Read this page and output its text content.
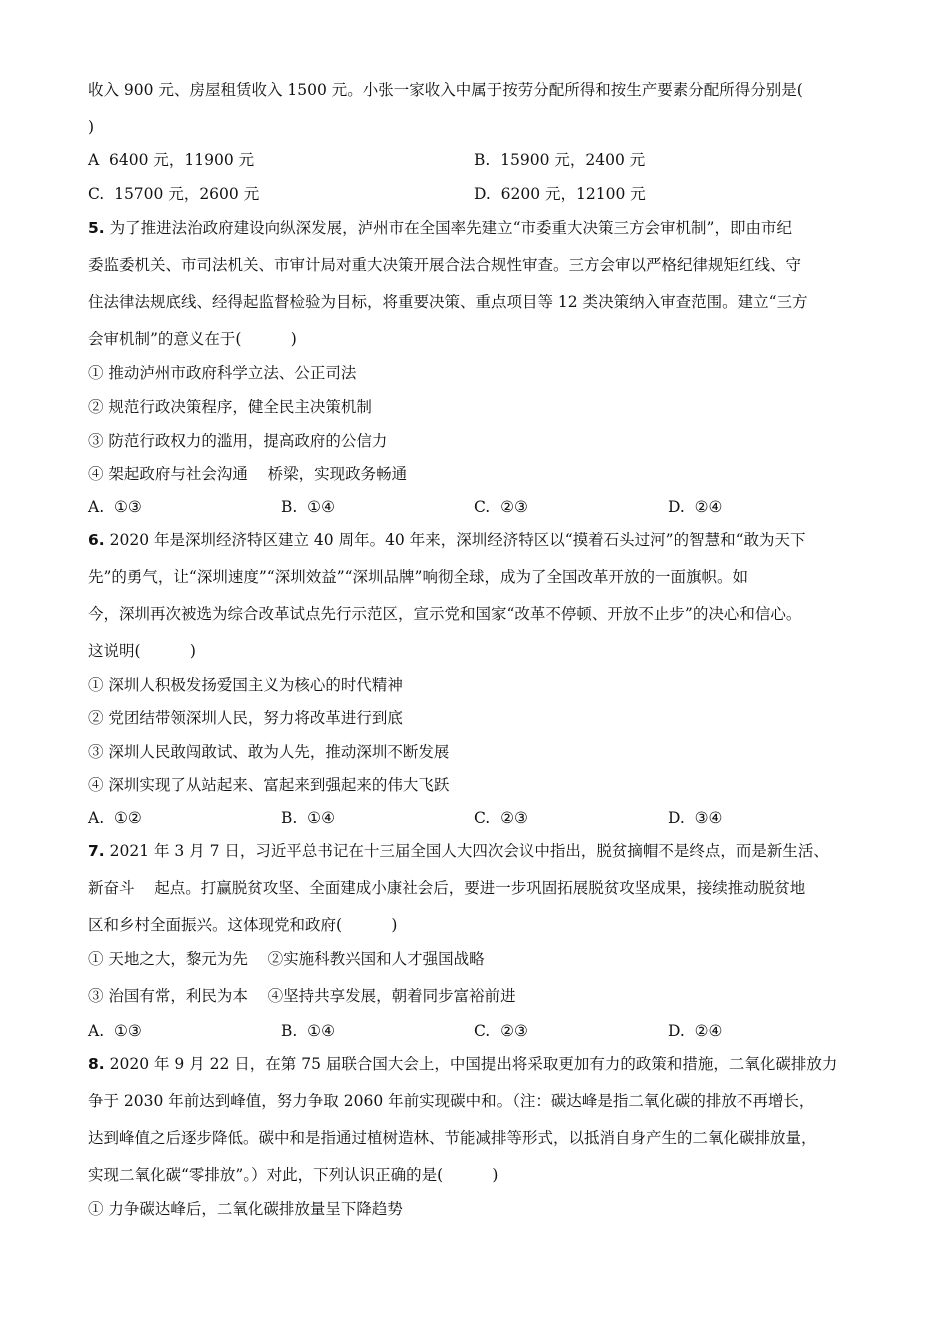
收入 900 元、房屋租赁收入 1500 元。小张一家收入中属于按劳分配所得和按生产要素分配所得分别是(
)
A  6400 元，11900 元	B.  15900 元，2400 元
C.  15700 元，2600 元	D.  6200 元，12100 元
5. 为了推进法治政府建设向纵深发展，泸州市在全国率先建立“市委重大决策三方会审机制”，即由市纪
委监委机关、市司法机关、市审计局对重大决策开展合法合规性审查。三方会审以严格纪律规矩红线、守
住法律法规底线、经得起监督检验为目标，将重要决策、重点项目等 12 类决策纳入审查范围。建立“三方
会审机制”的意义在于(          )
① 推动泸州市政府科学立法、公正司法
② 规范行政决策程序，健全民主决策机制
③ 防范行政权力的滥用，提高政府的公信力
④ 架起政府与社会沟通    桥梁，实现政务畅通
A.  ①③	B.  ①④	C.  ②③	D.  ②④
6. 2020 年是深圳经济特区建立 40 周年。40 年来，深圳经济特区以“摸着石头过河”的智慧和“敢为天下
先”的勇气，让“深圳速度”“深圳效益”“深圳品牌”响彻全球，成为了全国改革开放的一面旗帜。如
今，深圳再次被选为综合改革试点先行示范区，宣示党和国家“改革不停顿、开放不止步”的决心和信心。
这说明(          )
① 深圳人积极发扬爱国主义为核心的时代精神
② 党团结带领深圳人民，努力将改革进行到底
③ 深圳人民敢闯敢试、敢为人先，推动深圳不断发展
④ 深圳实现了从站起来、富起来到强起来的伟大飞跃
A.  ①②	B.  ①④	C.  ②③	D.  ③④
7. 2021 年 3 月 7 日，习近平总书记在十三届全国人大四次会议中指出，脱贫摘帽不是终点，而是新生活、
新奋斗    起点。打赢脱贫攻坚、全面建成小康社会后，要进一步巩固拓展脱贫攻坚成果，接续推动脱贫地
区和乡村全面振兴。这体现党和政府(          )
① 天地之大，黎元为先    ②实施科教兴国和人才强国战略
③ 治国有常，利民为本    ④坚持共享发展，朝着同步富裕前进
A.  ①③	B.  ①④	C.  ②③	D.  ②④
8. 2020 年 9 月 22 日，在第 75 届联合国大会上，中国提出将采取更加有力的政策和措施，二氧化碳排放力
争于 2030 年前达到峰值，努力争取 2060 年前实现碳中和。（注：碳达峰是指二氧化碳的排放不再增长，
达到峰值之后逐步降低。碳中和是指通过植树造林、节能减排等形式，以抵消自身产生的二氧化碳排放量，
实现二氧化碳“零排放”。）对此，下列认识正确的是(          )
① 力争碳达峰后，二氧化碳排放量呈下降趋势
